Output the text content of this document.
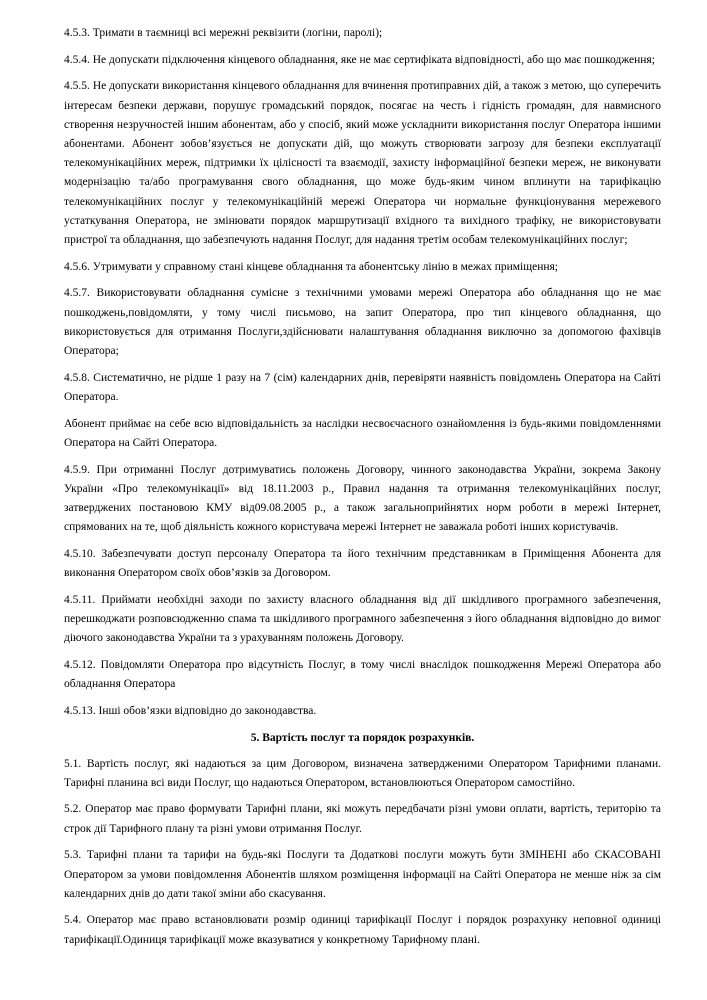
4.5.3. Тримати в таємниці всі мережні реквізити (логіни, паролі);

4.5.4. Не допускати підключення кінцевого обладнання, яке не має сертифіката відповідності, або що має пошкодження;

4.5.5. Не допускати використання кінцевого обладнання для вчинення протиправних дій, а також з метою, що суперечить інтересам безпеки держави, порушує громадський порядок, посягає на честь і гідність громадян, для навмисного створення незручностей іншим абонентам, або у спосіб, який може ускладнити використання послуг Оператора іншими абонентами. Абонент зобов’язується не допускати дій, що можуть створювати загрозу для безпеки експлуатації телекомунікаційних мереж, підтримки їх цілісності та взаємодії, захисту інформаційної безпеки мереж, не виконувати модернізацію та/або програмування свого обладнання, що може будь-яким чином вплинути на тарифікацію телекомунікаційних послуг у телекомунікаційній мережі Оператора чи нормальне функціонування мережевого устаткування Оператора, не змінювати порядок маршрутизації вхідного та вихідного трафіку, не використовувати пристрої та обладнання, що забезпечують надання Послуг, для надання третім особам телекомунікаційних послуг;

4.5.6. Утримувати у справному стані кінцеве обладнання та абонентську лінію в межах приміщення;

4.5.7. Використовувати обладнання сумісне з технічними умовами мережі Оператора або обладнання що не має пошкоджень,повідомляти, у тому числі письмово, на запит Оператора, про тип кінцевого обладнання, що використовується для отримання Послуги,здійснювати налаштування обладнання виключно за допомогою фахівців Оператора;

4.5.8. Систематично, не рідше 1 разу на 7 (сім) календарних днів, перевіряти наявність повідомлень Оператора на Сайті Оператора.

Абонент приймає на себе всю відповідальність за наслідки несвоєчасного ознайомлення із будь-якими повідомленнями Оператора на Сайті Оператора.

4.5.9. При отриманні Послуг дотримуватись положень Договору, чинного законодавства України, зокрема Закону України «Про телекомунікації» від 18.11.2003 р., Правил надання та отримання телекомунікаційних послуг, затверджених постановою КМУ від09.08.2005 р., а також загальноприйнятих норм роботи в мережі Інтернет, спрямованих на те, щоб діяльність кожного користувача мережі Інтернет не заважала роботі інших користувачів.

4.5.10. Забезпечувати доступ персоналу Оператора та його технічним представникам в Приміщення Абонента для виконання Оператором своїх обов’язків за Договором.

4.5.11. Приймати необхідні заходи по захисту власного обладнання від дії шкідливого програмного забезпечення, перешкоджати розповсюдженню спама та шкідливого програмного забезпечення з його обладнання відповідно до вимог діючого законодавства України та з урахуванням положень Договору.

4.5.12. Повідомляти Оператора про відсутність Послуг, в тому числі внаслідок пошкодження Мережі Оператора або обладнання Оператора

4.5.13. Інші обов’язки відповідно до законодавства.

5. Вартість послуг та порядок розрахунків.

5.1. Вартість послуг, які надаються за цим Договором, визначена затвердженими Оператором Тарифними планами. Тарифні планина всі види Послуг, що надаються Оператором, встановлюються Оператором самостійно.

5.2. Оператор має право формувати Тарифні плани, які можуть передбачати різні умови оплати, вартість, територію та строк дії Тарифного плану та різні умови отримання Послуг.

5.3. Тарифні плани та тарифи на будь-які Послуги та Додаткові послуги можуть бути ЗМІНЕНІ або СКАСОВАНІ Оператором за умови повідомлення Абонентів шляхом розміщення інформації на Сайті Оператора не менше ніж за сім календарних днів до дати такої зміни або скасування.

5.4. Оператор має право встановлювати розмір одиниці тарифікації Послуг і порядок розрахунку неповної одиниці тарифікації.Одиниця тарифікації може вказуватися у конкретному Тарифному плані.
